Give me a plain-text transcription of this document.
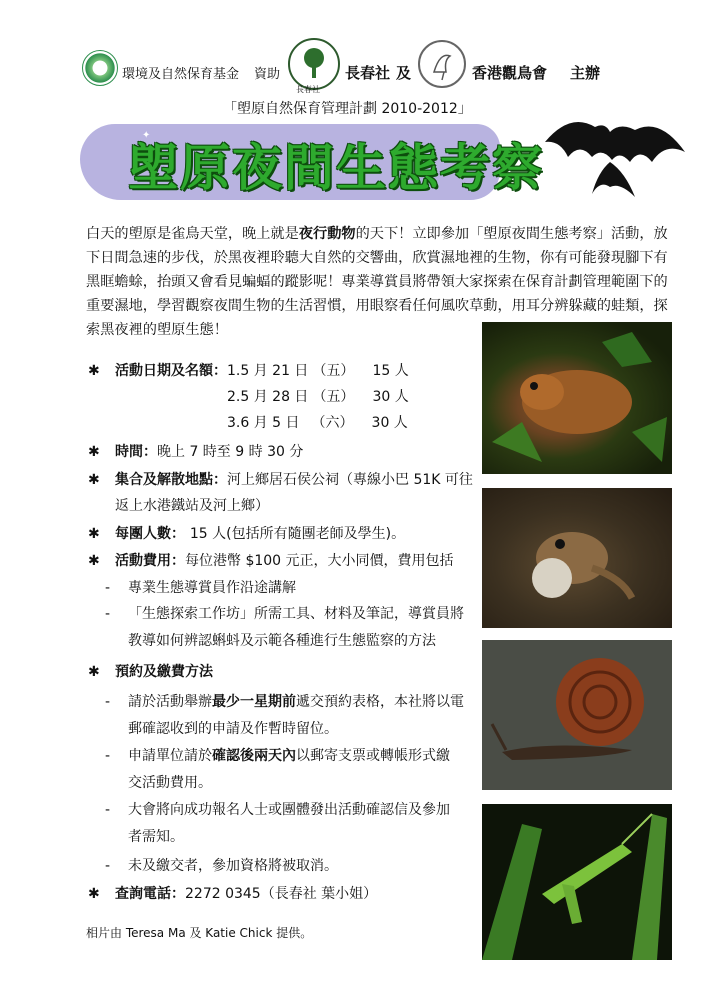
環境及自然保育基金 資助
長春社
長春社 及	香港觀鳥會 主辦
「塱原自然保育管理計劃 2010-2012」
✦
塱原夜間生態考察
白天的塱原是雀鳥天堂，晚上就是夜行動物的天下！立即參加「塱原夜間生態考察」活動，放下日間急速的步伐，於黑夜裡聆聽大自然的交響曲，欣賞濕地裡的生物，你有可能發現腳下有黑眶蟾蜍，抬頭又會看見蝙蝠的蹤影呢！專業導賞員將帶領大家探索在保育計劃管理範圍下的重要濕地，學習觀察夜間生物的生活習慣，用眼察看任何風吹草動，用耳分辨躲藏的蛙類，探索黑夜裡的塱原生態！
✱ 活動日期及名額： 1.5 月 21 日 （五） 15 人
2.5 月 28 日 （五） 30 人
3.6 月 5 日 （六） 30 人
✱ 時間：晚上 7 時至 9 時 30 分
✱ 集合及解散地點：河上鄉居石侯公祠（專線小巴 51K 可往
返上水港鐵站及河上鄉）
✱ 每團人數： 15 人(包括所有隨團老師及學生)。
✱ 活動費用：每位港幣 $100 元正，大小同價，費用包括
- 專業生態導賞員作沿途講解
- 「生態探索工作坊」所需工具、材料及筆記，導賞員將
教導如何辨認蝌蚪及示範各種進行生態監察的方法
✱ 預約及繳費方法
- 請於活動舉辦最少一星期前遞交預約表格，本社將以電
郵確認收到的申請及作暫時留位。
- 申請單位請於確認後兩天內以郵寄支票或轉帳形式繳
交活動費用。
- 大會將向成功報名人士或團體發出活動確認信及參加
者需知。
- 未及繳交者，參加資格將被取消。
✱ 查詢電話：2272 0345（長春社 葉小姐）
相片由 Teresa Ma 及 Katie Chick 提供。
